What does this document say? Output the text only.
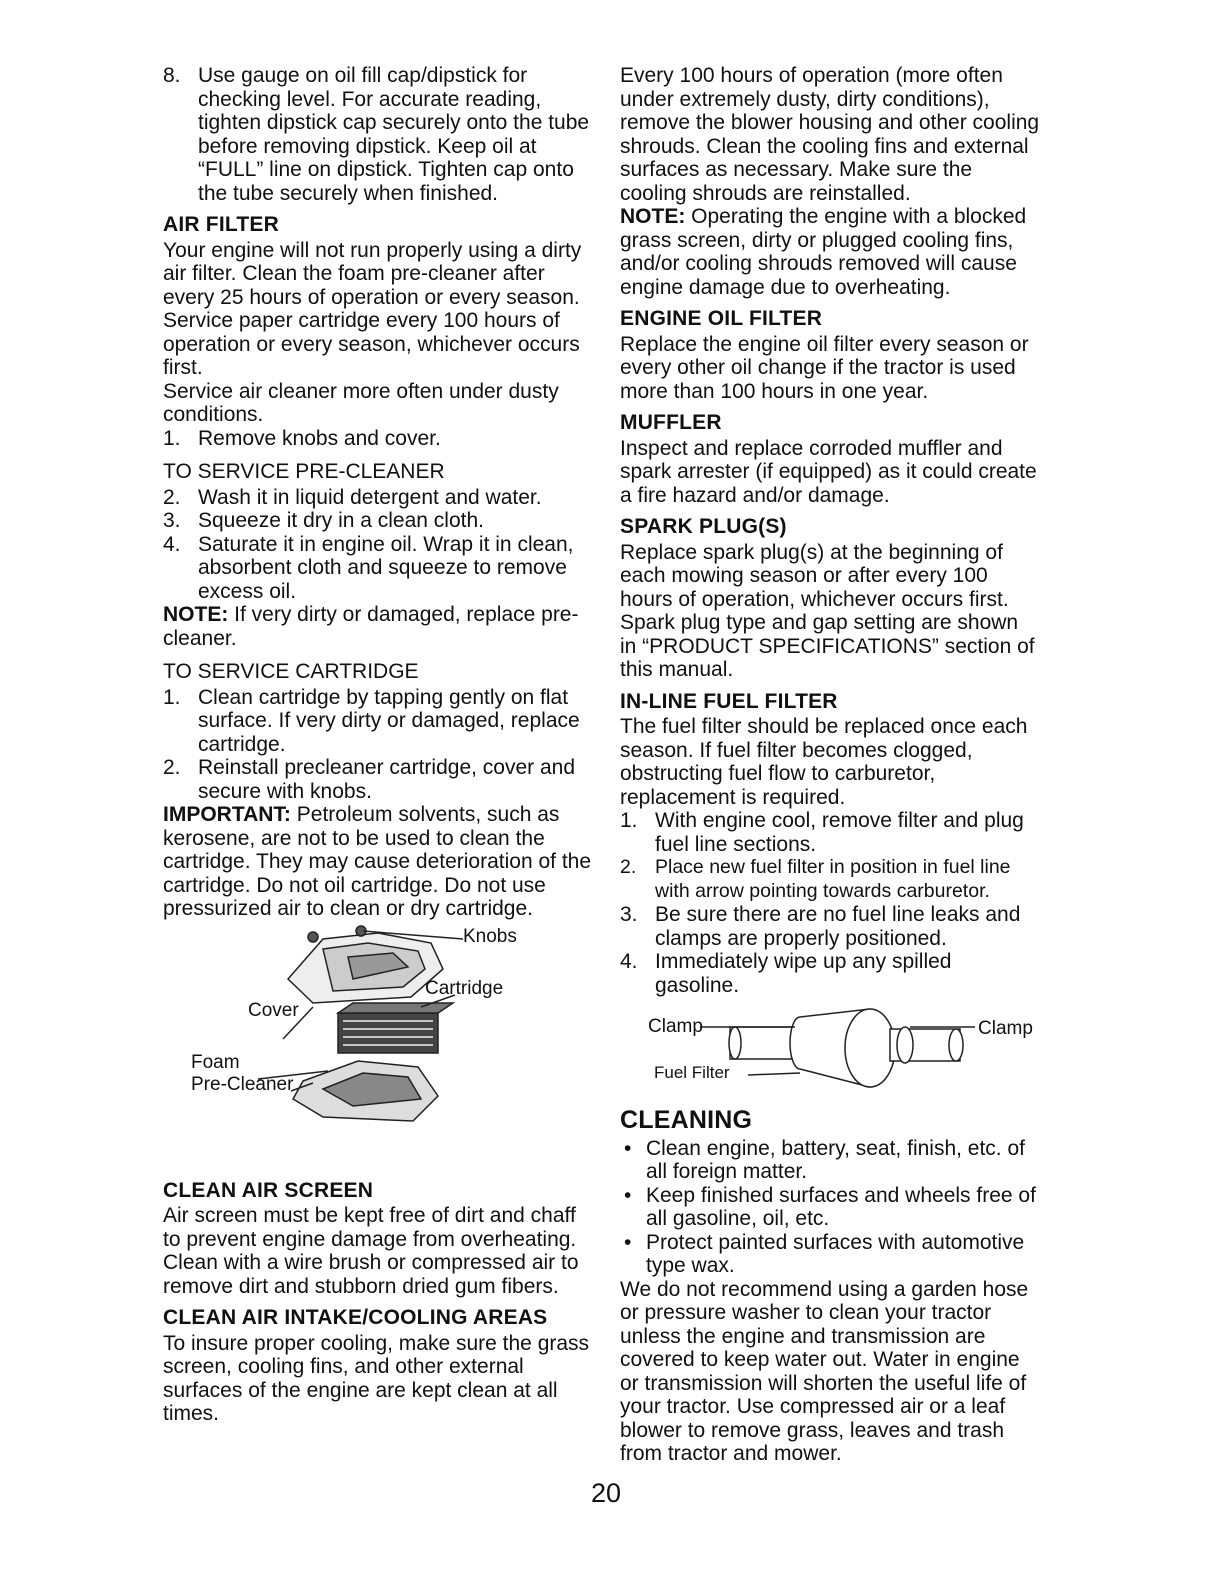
8. Use gauge on oil fill cap/dipstick for checking level. For accurate reading, tighten dipstick cap securely onto the tube before removing dipstick. Keep oil at “FULL” line on dipstick. Tighten cap onto the tube securely when finished.

AIR FILTER

Your engine will not run properly using a dirty air filter. Clean the foam pre-cleaner after every 25 hours of operation or every season. Service paper cartridge every 100 hours of operation or every season, whichever occurs first.

Service air cleaner more often under dusty conditions.

1. Remove knobs and cover.

TO SERVICE PRE-CLEANER

2. Wash it in liquid detergent and water.
3. Squeeze it dry in a clean cloth.
4. Saturate it in engine oil. Wrap it in clean, absorbent cloth and squeeze to remove excess oil.

NOTE: If very dirty or damaged, replace pre-cleaner.

TO SERVICE CARTRIDGE

1. Clean cartridge by tapping gently on flat surface. If very dirty or damaged, replace cartridge.
2. Reinstall precleaner cartridge, cover and secure with knobs.

IMPORTANT: Petroleum solvents, such as kerosene, are not to be used to clean the cartridge. They may cause deterioration of the cartridge. Do not oil cartridge. Do not use pressurized air to clean or dry cartridge.

Knobs
Cartridge
Cover
Foam
Pre-Cleaner

CLEAN AIR SCREEN

Air screen must be kept free of dirt and chaff to prevent engine damage from overheating. Clean with a wire brush or compressed air to remove dirt and stubborn dried gum fibers.

CLEAN AIR INTAKE/COOLING AREAS

To insure proper cooling, make sure the grass screen, cooling fins, and other external surfaces of the engine are kept clean at all times.

Every 100 hours of operation (more often under extremely dusty, dirty conditions), remove the blower housing and other cooling shrouds. Clean the cooling fins and external surfaces as necessary. Make sure the cooling shrouds are reinstalled.

NOTE: Operating the engine with a blocked grass screen, dirty or plugged cooling fins, and/or cooling shrouds removed will cause engine damage due to overheating.

ENGINE OIL FILTER

Replace the engine oil filter every season or every other oil change if the tractor is used more than 100 hours in one year.

MUFFLER

Inspect and replace corroded muffler and spark arrester (if equipped) as it could create a fire hazard and/or damage.

SPARK PLUG(S)

Replace spark plug(s) at the beginning of each mowing season or after every 100 hours of operation, whichever occurs first. Spark plug type and gap setting are shown in “PRODUCT SPECIFICATIONS” section of this manual.

IN-LINE FUEL FILTER

The fuel filter should be replaced once each season. If fuel filter becomes clogged, obstructing fuel flow to carburetor, replacement is required.

1. With engine cool, remove filter and plug fuel line sections.
2. Place new fuel filter in position in fuel line with arrow pointing towards carburetor.
3. Be sure there are no fuel line leaks and clamps are properly positioned.
4. Immediately wipe up any spilled gasoline.
Clamp	Clamp
Fuel Filter

CLEANING

• Clean engine, battery, seat, finish, etc. of all foreign matter.
• Keep finished surfaces and wheels free of all gasoline, oil, etc.
• Protect painted surfaces with automotive type wax.

We do not recommend using a garden hose or pressure washer to clean your tractor unless the engine and transmission are covered to keep water out. Water in engine or transmission will shorten the useful life of your tractor. Use compressed air or a leaf blower to remove grass, leaves and trash from tractor and mower.

20
